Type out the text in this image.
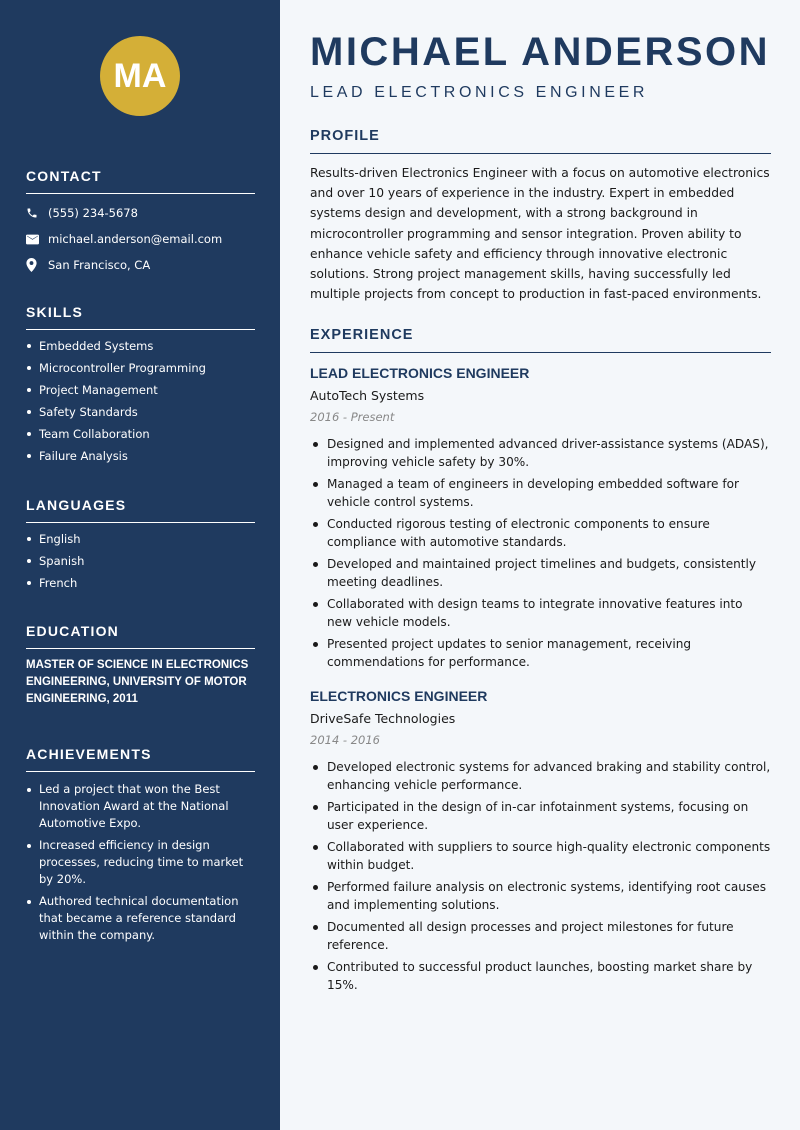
MA
CONTACT
(555) 234-5678
michael.anderson@email.com
San Francisco, CA
SKILLS
Embedded Systems
Microcontroller Programming
Project Management
Safety Standards
Team Collaboration
Failure Analysis
LANGUAGES
English
Spanish
French
EDUCATION
MASTER OF SCIENCE IN ELECTRONICS ENGINEERING, UNIVERSITY OF MOTOR ENGINEERING, 2011
ACHIEVEMENTS
Led a project that won the Best Innovation Award at the National Automotive Expo.
Increased efficiency in design processes, reducing time to market by 20%.
Authored technical documentation that became a reference standard within the company.
MICHAEL ANDERSON
LEAD ELECTRONICS ENGINEER
PROFILE
Results-driven Electronics Engineer with a focus on automotive electronics and over 10 years of experience in the industry. Expert in embedded systems design and development, with a strong background in microcontroller programming and sensor integration. Proven ability to enhance vehicle safety and efficiency through innovative electronic solutions. Strong project management skills, having successfully led multiple projects from concept to production in fast-paced environments.
EXPERIENCE
LEAD ELECTRONICS ENGINEER
AutoTech Systems
2016 - Present
Designed and implemented advanced driver-assistance systems (ADAS), improving vehicle safety by 30%.
Managed a team of engineers in developing embedded software for vehicle control systems.
Conducted rigorous testing of electronic components to ensure compliance with automotive standards.
Developed and maintained project timelines and budgets, consistently meeting deadlines.
Collaborated with design teams to integrate innovative features into new vehicle models.
Presented project updates to senior management, receiving commendations for performance.
ELECTRONICS ENGINEER
DriveSafe Technologies
2014 - 2016
Developed electronic systems for advanced braking and stability control, enhancing vehicle performance.
Participated in the design of in-car infotainment systems, focusing on user experience.
Collaborated with suppliers to source high-quality electronic components within budget.
Performed failure analysis on electronic systems, identifying root causes and implementing solutions.
Documented all design processes and project milestones for future reference.
Contributed to successful product launches, boosting market share by 15%.
